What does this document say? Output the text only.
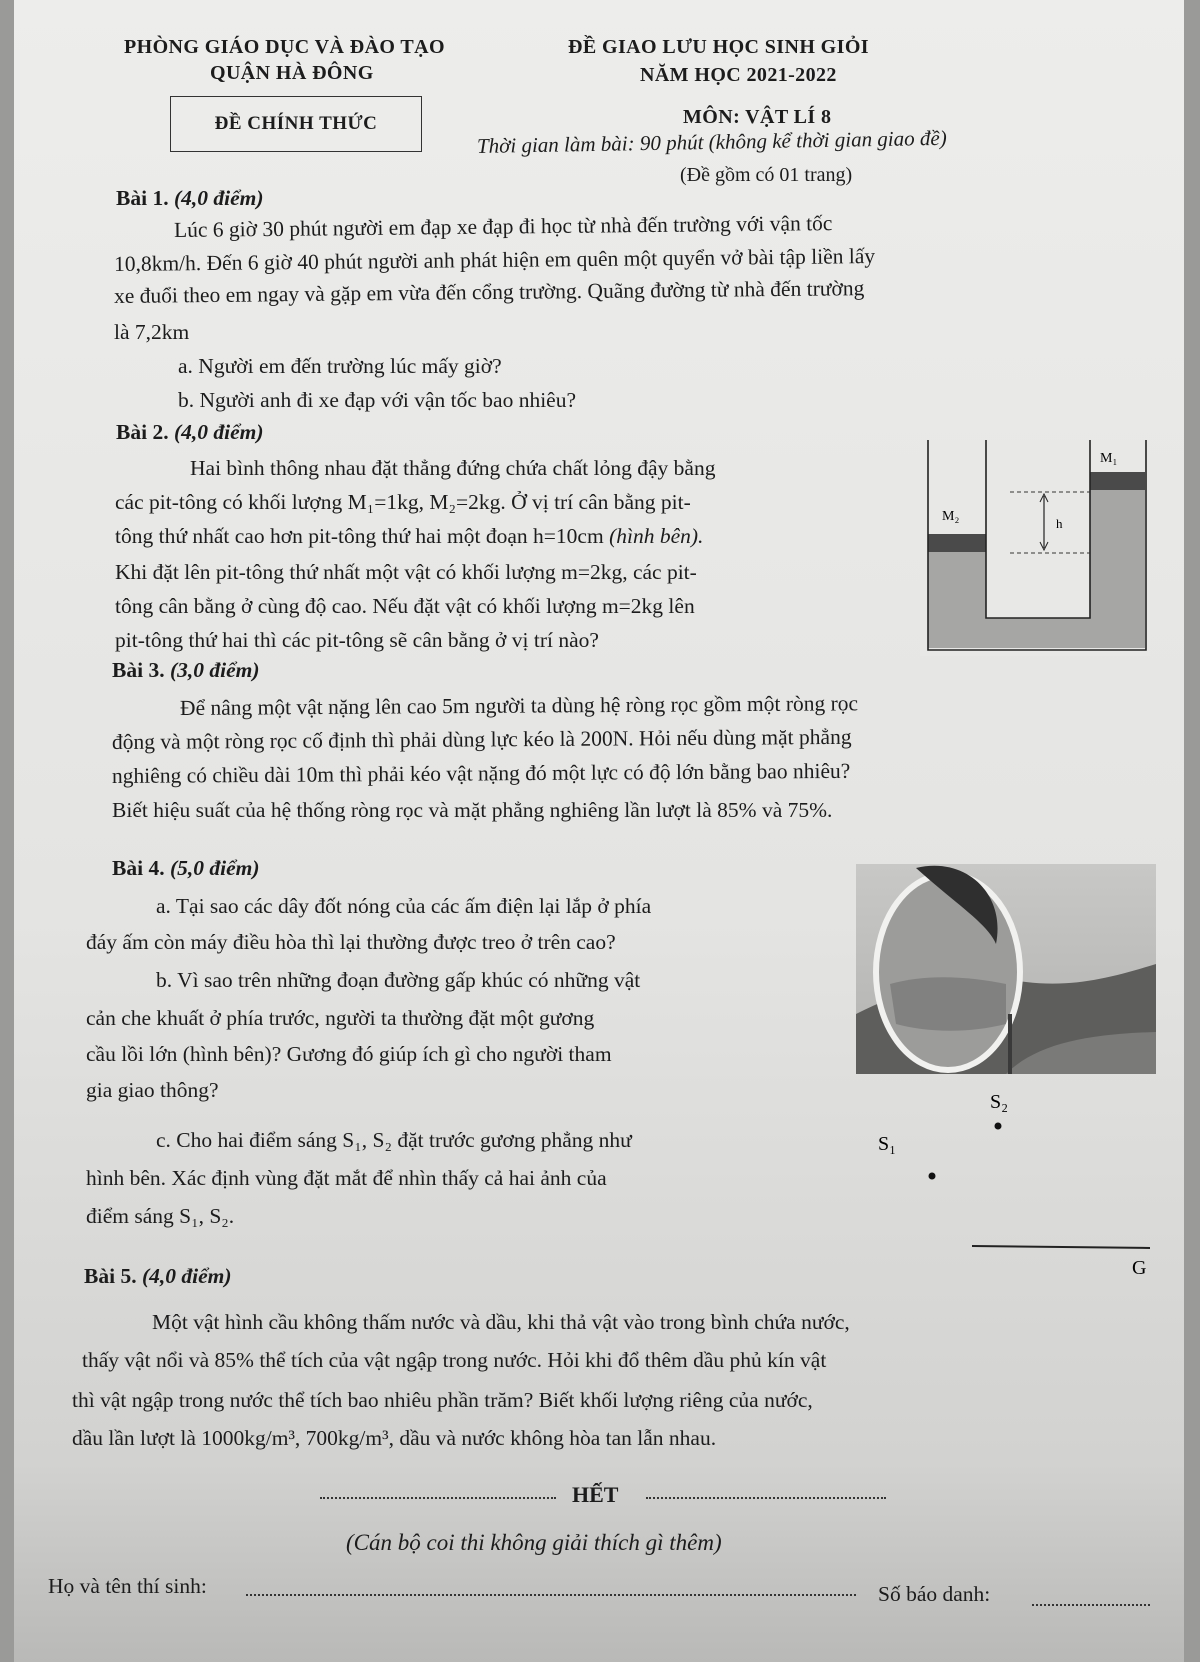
PHÒNG GIÁO DỤC VÀ ĐÀO TẠO
QUẬN HÀ ĐÔNG
ĐỀ GIAO LƯU HỌC SINH GIỎI
NĂM HỌC 2021-2022
ĐỀ CHÍNH THỨC	MÔN: VẬT LÍ 8
Thời gian làm bài: 90 phút (không kể thời gian giao đề)
(Đề gồm có 01 trang)
Bài 1. (4,0 điểm)
Lúc 6 giờ 30 phút người em đạp xe đạp đi học từ nhà đến trường với vận tốc
10,8km/h. Đến 6 giờ 40 phút người anh phát hiện em quên một quyển vở bài tập liền lấy
xe đuổi theo em ngay và gặp em vừa đến cổng trường. Quãng đường từ nhà đến trường
là 7,2km
a. Người em đến trường lúc mấy giờ?
b. Người anh đi xe đạp với vận tốc bao nhiêu?
Bài 2. (4,0 điểm)
Hai bình thông nhau đặt thẳng đứng chứa chất lỏng đậy bằng
các pit-tông có khối lượng M₁=1kg, M₂=2kg. Ở vị trí cân bằng pit-
tông thứ nhất cao hơn pit-tông thứ hai một đoạn h=10cm (hình bên).
Khi đặt lên pit-tông thứ nhất một vật có khối lượng m=2kg, các pit-
tông cân bằng ở cùng độ cao. Nếu đặt vật có khối lượng m=2kg lên
pit-tông thứ hai thì các pit-tông sẽ cân bằng ở vị trí nào?
h
M₂
M₁
Bài 3. (3,0 điểm)
Để nâng một vật nặng lên cao 5m người ta dùng hệ ròng rọc gồm một ròng rọc
động và một ròng rọc cố định thì phải dùng lực kéo là 200N. Hỏi nếu dùng mặt phẳng
nghiêng có chiều dài 10m thì phải kéo vật nặng đó một lực có độ lớn bằng bao nhiêu?
Biết hiệu suất của hệ thống ròng rọc và mặt phẳng nghiêng lần lượt là 85% và 75%.
Bài 4. (5,0 điểm)
a. Tại sao các dây đốt nóng của các ấm điện lại lắp ở phía
đáy ấm còn máy điều hòa thì lại thường được treo ở trên cao?
b. Vì sao trên những đoạn đường gấp khúc có những vật
cản che khuất ở phía trước, người ta thường đặt một gương
cầu lồi lớn (hình bên)? Gương đó giúp ích gì cho người tham
gia giao thông?
c. Cho hai điểm sáng S₁, S₂ đặt trước gương phẳng như
hình bên. Xác định vùng đặt mắt để nhìn thấy cả hai ảnh của
điểm sáng S₁, S₂.
S₂
S₁
G
Bài 5. (4,0 điểm)
Một vật hình cầu không thấm nước và dầu, khi thả vật vào trong bình chứa nước,
thấy vật nổi và 85% thể tích của vật ngập trong nước. Hỏi khi đổ thêm dầu phủ kín vật
thì vật ngập trong nước thể tích bao nhiêu phần trăm? Biết khối lượng riêng của nước,
dầu lần lượt là 1000kg/m³, 700kg/m³, dầu và nước không hòa tan lẫn nhau.
HẾT
(Cán bộ coi thi không giải thích gì thêm)
Họ và tên thí sinh:	Số báo danh:
